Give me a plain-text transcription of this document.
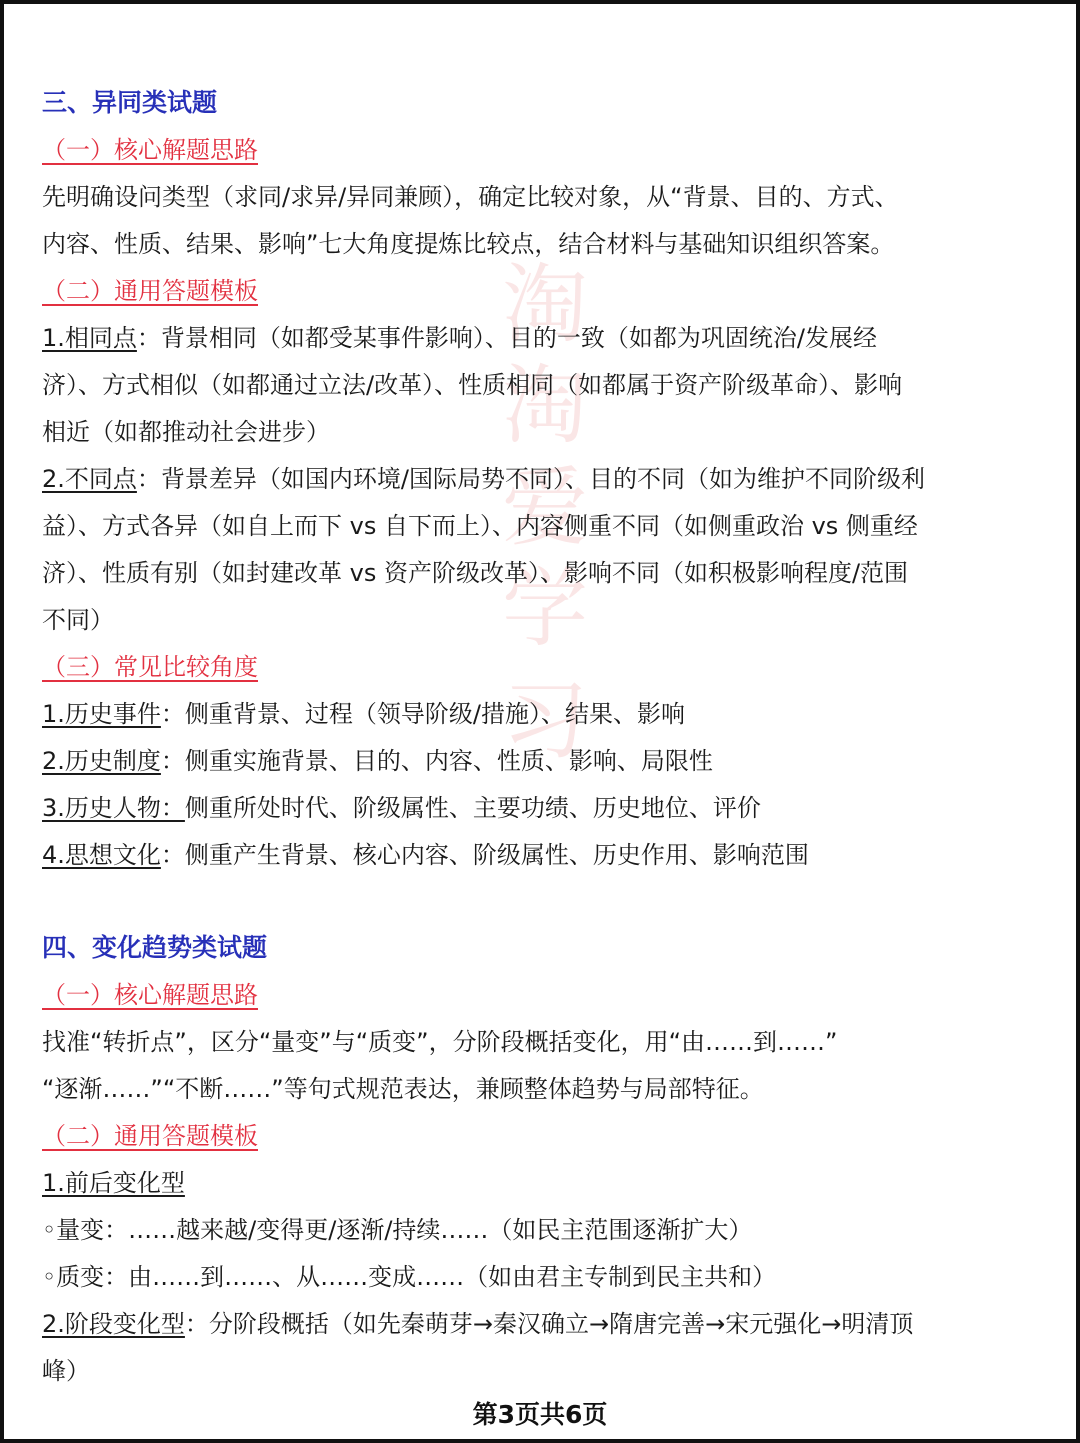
淘
淘
爱
学
习
三、异同类试题
（一）核心解题思路
先明确设问类型（求同/求异/异同兼顾），确定比较对象，从“背景、目的、方式、
内容、性质、结果、影响”七大角度提炼比较点，结合材料与基础知识组织答案。
（二）通用答题模板
1.相同点：背景相同（如都受某事件影响）、目的一致（如都为巩固统治/发展经
济）、方式相似（如都通过立法/改革）、性质相同（如都属于资产阶级革命）、影响
相近（如都推动社会进步）
2.不同点：背景差异（如国内环境/国际局势不同）、目的不同（如为维护不同阶级利
益）、方式各异（如自上而下 vs 自下而上）、内容侧重不同（如侧重政治 vs 侧重经
济）、性质有别（如封建改革 vs 资产阶级改革）、影响不同（如积极影响程度/范围
不同）
（三）常见比较角度
1.历史事件：侧重背景、过程（领导阶级/措施）、结果、影响
2.历史制度：侧重实施背景、目的、内容、性质、影响、局限性
3.历史人物：侧重所处时代、阶级属性、主要功绩、历史地位、评价
4.思想文化：侧重产生背景、核心内容、阶级属性、历史作用、影响范围
四、变化趋势类试题
（一）核心解题思路
找准“转折点”，区分“量变”与“质变”，分阶段概括变化，用“由……到……”
“逐渐……”“不断……”等句式规范表达，兼顾整体趋势与局部特征。
（二）通用答题模板
1.前后变化型
◦量变：……越来越/变得更/逐渐/持续……（如民主范围逐渐扩大）
◦质变：由……到……、从……变成……（如由君主专制到民主共和）
2.阶段变化型：分阶段概括（如先秦萌芽→秦汉确立→隋唐完善→宋元强化→明清顶
峰）
第3页共6页
